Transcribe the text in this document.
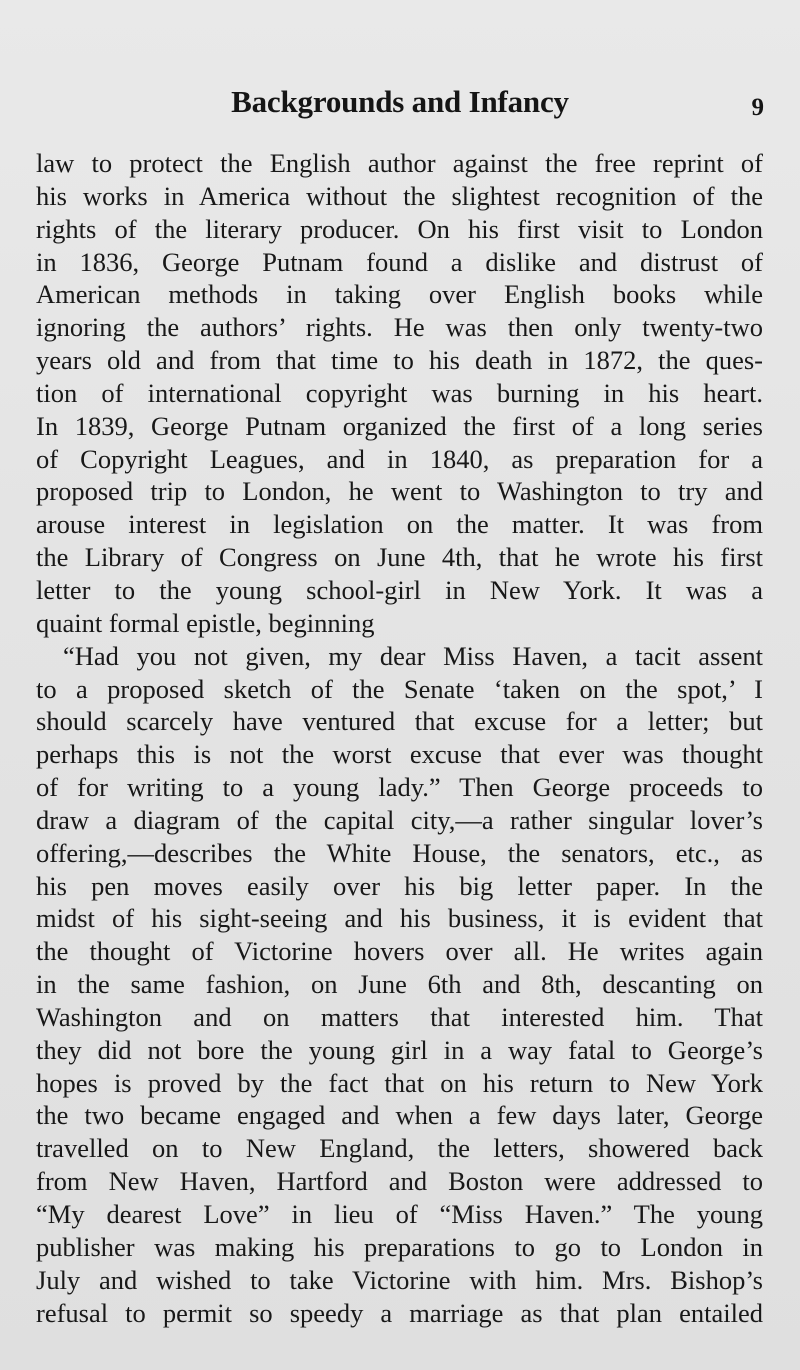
Backgrounds and Infancy	9
law to protect the English author against the free reprint of
his works in America without the slightest recognition of the
rights of the literary producer. On his first visit to London
in 1836, George Putnam found a dislike and distrust of
American methods in taking over English books while
ignoring the authors’ rights. He was then only twenty-two
years old and from that time to his death in 1872, the ques-
tion of international copyright was burning in his heart.
In 1839, George Putnam organized the first of a long series
of Copyright Leagues, and in 1840, as preparation for a
proposed trip to London, he went to Washington to try and
arouse interest in legislation on the matter. It was from
the Library of Congress on June 4th, that he wrote his first
letter to the young school-girl in New York. It was a
quaint formal epistle, beginning
“Had you not given, my dear Miss Haven, a tacit assent
to a proposed sketch of the Senate ‘taken on the spot,’ I
should scarcely have ventured that excuse for a letter; but
perhaps this is not the worst excuse that ever was thought
of for writing to a young lady.” Then George proceeds to
draw a diagram of the capital city,—a rather singular lover’s
offering,—describes the White House, the senators, etc., as
his pen moves easily over his big letter paper. In the
midst of his sight-seeing and his business, it is evident that
the thought of Victorine hovers over all. He writes again
in the same fashion, on June 6th and 8th, descanting on
Washington and on matters that interested him. That
they did not bore the young girl in a way fatal to George’s
hopes is proved by the fact that on his return to New York
the two became engaged and when a few days later, George
travelled on to New England, the letters, showered back
from New Haven, Hartford and Boston were addressed to
“My dearest Love” in lieu of “Miss Haven.” The young
publisher was making his preparations to go to London in
July and wished to take Victorine with him. Mrs. Bishop’s
refusal to permit so speedy a marriage as that plan entailed
